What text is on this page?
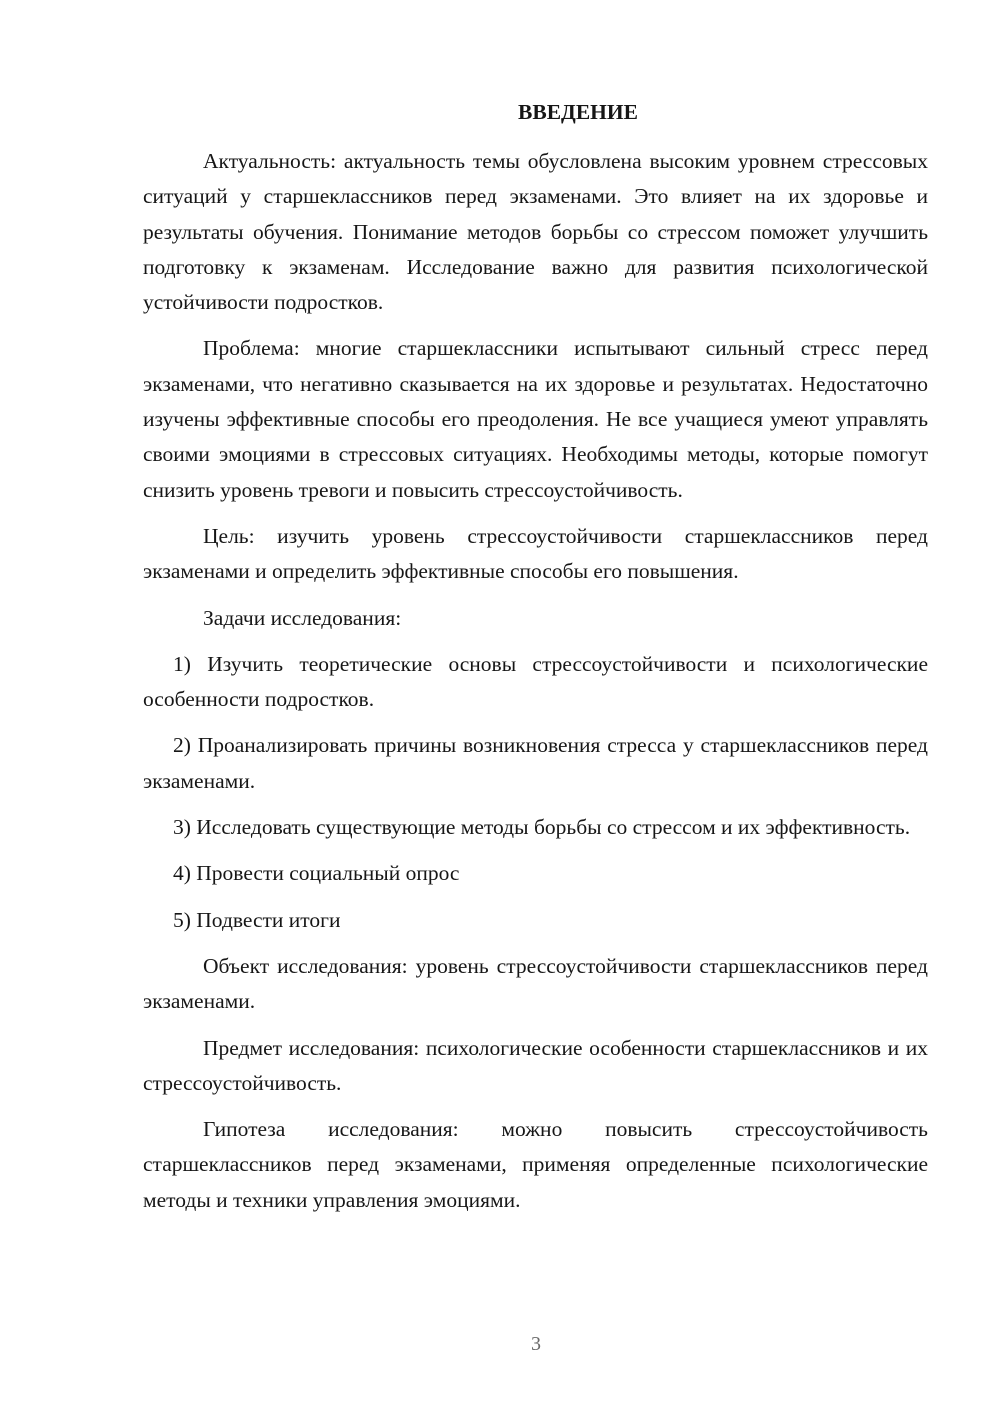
ВВЕДЕНИЕ

Актуальность: актуальность темы обусловлена высоким уровнем стрессовых ситуаций у старшеклассников перед экзаменами. Это влияет на их здоровье и результаты обучения. Понимание методов борьбы со стрессом поможет улучшить подготовку к экзаменам. Исследование важно для развития психологической устойчивости подростков.

Проблема: многие старшеклассники испытывают сильный стресс перед экзаменами, что негативно сказывается на их здоровье и результатах. Недостаточно изучены эффективные способы его преодоления. Не все учащиеся умеют управлять своими эмоциями в стрессовых ситуациях. Необходимы методы, которые помогут снизить уровень тревоги и повысить стрессоустойчивость.

Цель: изучить уровень стрессоустойчивости старшеклассников перед экзаменами и определить эффективные способы его повышения.

Задачи исследования:

1) Изучить теоретические основы стрессоустойчивости и психологические особенности подростков.

2) Проанализировать причины возникновения стресса у старшеклассников перед экзаменами.

3) Исследовать существующие методы борьбы со стрессом и их эффективность.

4) Провести социальный опрос

5) Подвести итоги

Объект исследования: уровень стрессоустойчивости старшеклассников перед экзаменами.

Предмет исследования: психологические особенности старшеклассников и их стрессоустойчивость.

Гипотеза исследования: можно повысить стрессоустойчивость старшеклассников перед экзаменами, применяя определенные психологические методы и техники управления эмоциями.

3
